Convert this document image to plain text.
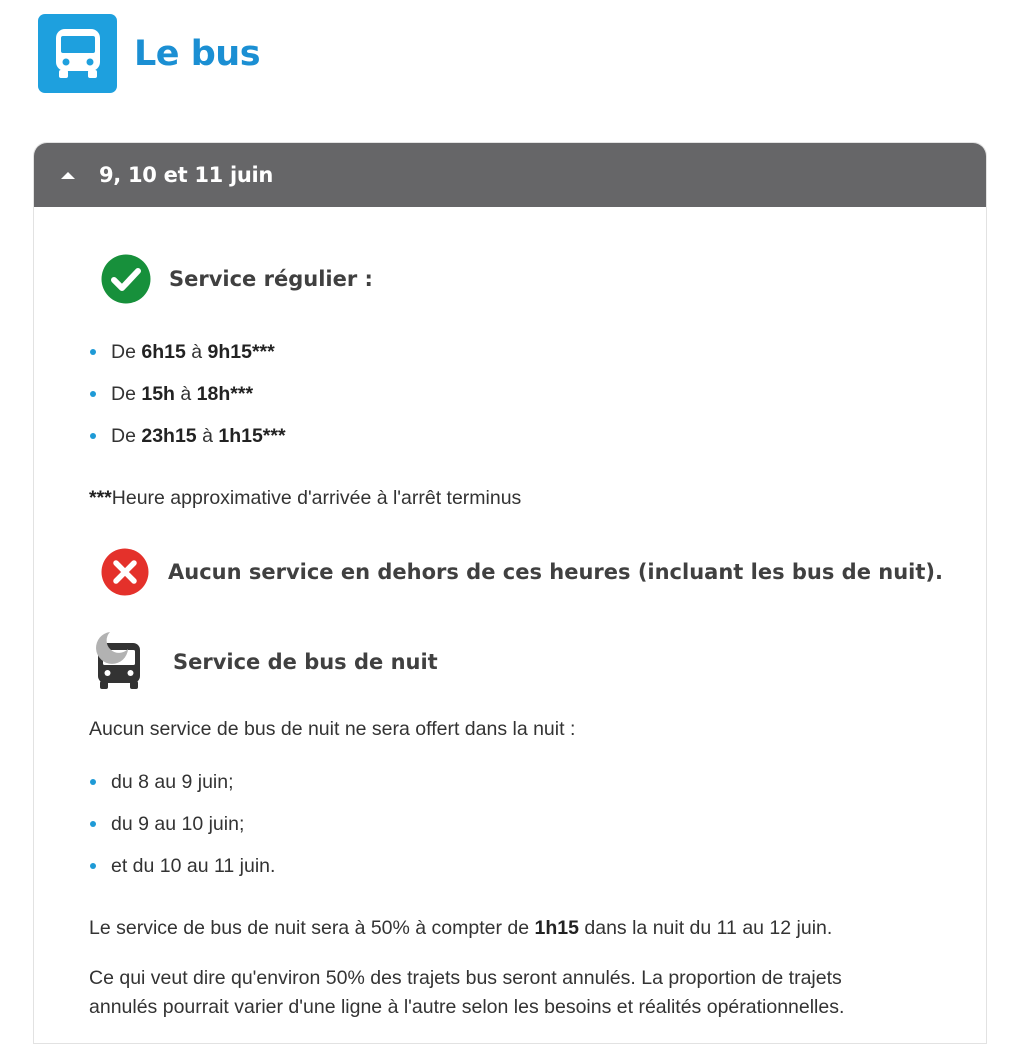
Le bus
9, 10 et 11 juin
Service régulier :
De 6h15 à 9h15***
De 15h à 18h***
De 23h15 à 1h15***

***Heure approximative d'arrivée à l'arrêt terminus

Aucun service en dehors de ces heures (incluant les bus de nuit).
Service de bus de nuit

Aucun service de bus de nuit ne sera offert dans la nuit :

du 8 au 9 juin;
du 9 au 10 juin;
et du 10 au 11 juin.

Le service de bus de nuit sera à 50% à compter de 1h15 dans la nuit du 11 au 12 juin.

Ce qui veut dire qu'environ 50% des trajets bus seront annulés. La proportion de trajets
annulés pourrait varier d'une ligne à l'autre selon les besoins et réalités opérationnelles.
